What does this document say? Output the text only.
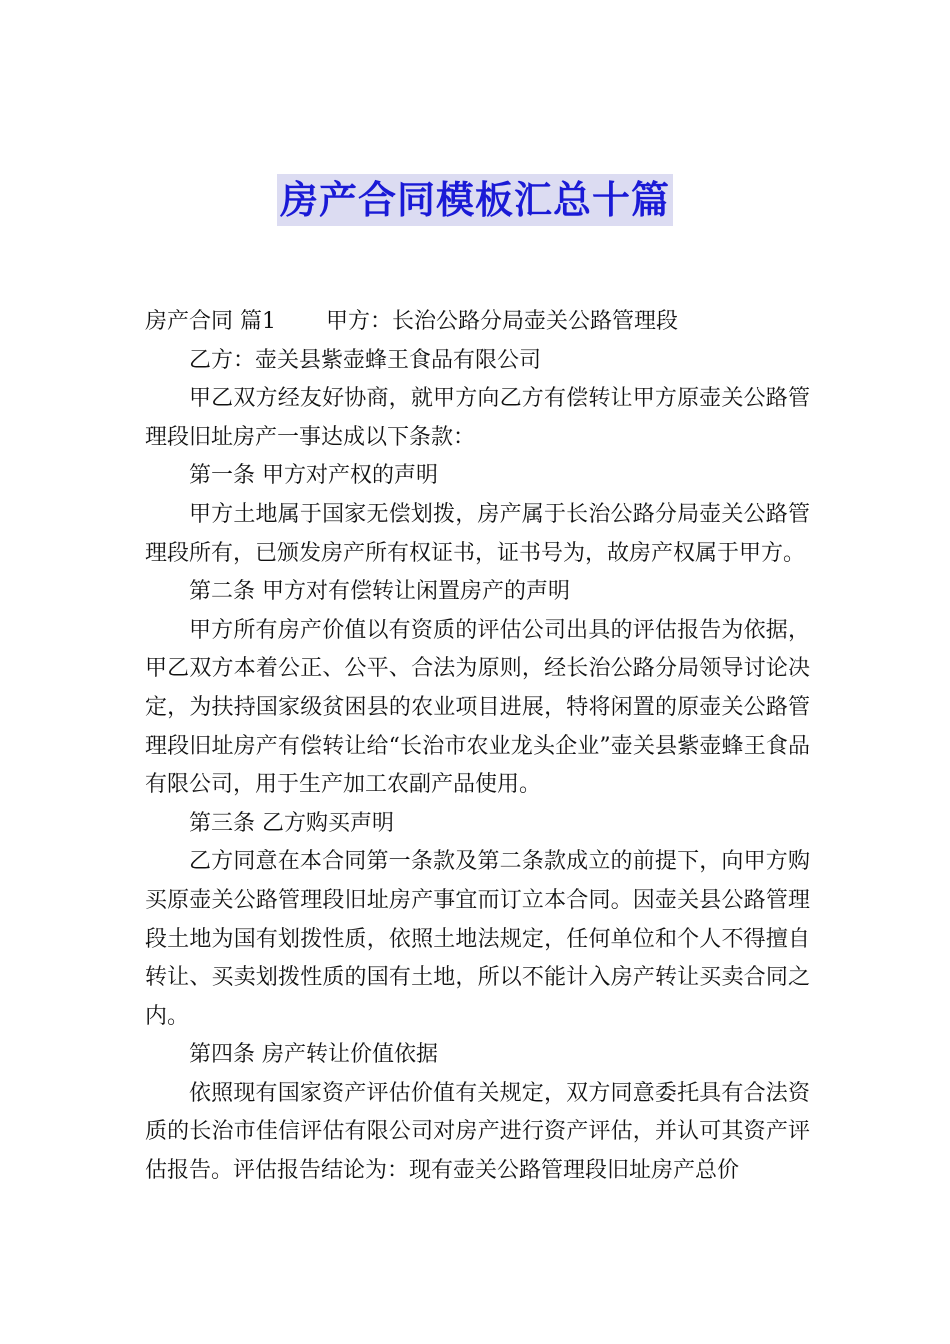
房产合同模板汇总十篇

房产合同 篇1 甲方：长治公路分局壶关公路管理段

乙方：壶关县紫壶蜂王食品有限公司

甲乙双方经友好协商，就甲方向乙方有偿转让甲方原壶关公路管理段旧址房产一事达成以下条款：

第一条 甲方对产权的声明

甲方土地属于国家无偿划拨，房产属于长治公路分局壶关公路管理段所有，已颁发房产所有权证书，证书号为，故房产权属于甲方。

第二条 甲方对有偿转让闲置房产的声明

甲方所有房产价值以有资质的评估公司出具的评估报告为依据，甲乙双方本着公正、公平、合法为原则，经长治公路分局领导讨论决定，为扶持国家级贫困县的农业项目进展，特将闲置的原壶关公路管理段旧址房产有偿转让给“长治市农业龙头企业”壶关县紫壶蜂王食品有限公司，用于生产加工农副产品使用。

第三条 乙方购买声明

乙方同意在本合同第一条款及第二条款成立的前提下，向甲方购买原壶关公路管理段旧址房产事宜而订立本合同。因壶关县公路管理段土地为国有划拨性质，依照土地法规定，任何单位和个人不得擅自转让、买卖划拨性质的国有土地，所以不能计入房产转让买卖合同之内。

第四条 房产转让价值依据

依照现有国家资产评估价值有关规定，双方同意委托具有合法资质的长治市佳信评估有限公司对房产进行资产评估，并认可其资产评估报告。评估报告结论为：现有壶关公路管理段旧址房产总价
